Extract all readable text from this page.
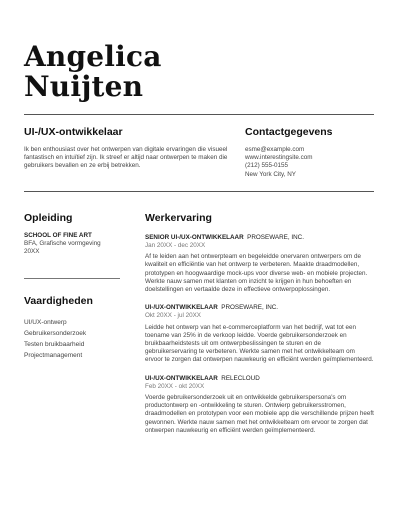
Angelica
Nuijten
UI-/UX-ontwikkelaar
Ik ben enthousiast over het ontwerpen van digitale ervaringen die visueel fantastisch en intuïtief zijn. Ik streef er altijd naar ontwerpen te maken die gebruikers bevallen en ze erbij betrekken.
Contactgegevens
esme@example.com
www.interestingsite.com
(212) 555-0155
New York City, NY
Opleiding
SCHOOL OF FINE ART
BFA, Grafische vormgeving
20XX
Vaardigheden
UI/UX-ontwerp
Gebruikersonderzoek
Testen bruikbaarheid
Projectmanagement
Werkervaring
SENIOR UI-/UX-ONTWIKKELAAR PROSEWARE, INC.
Jan 20XX - dec 20XX
Af te leiden aan het ontwerpteam en begeleidde onervaren ontwerpers om de kwaliteit en efficiëntie van het ontwerp te verbeteren. Maakte draadmodellen, prototypen en hoogwaardige mock-ups voor diverse web- en mobiele projecten. Werkte nauw samen met klanten om inzicht te krijgen in hun behoeften en doelstellingen en vertaalde deze in effectieve ontwerpoplossingen.
UI-/UX-ONTWIKKELAAR PROSEWARE, INC.
Okt 20XX - jul 20XX
Leidde het ontwerp van het e-commerceplatform van het bedrijf, wat tot een toename van 25% in de verkoop leidde. Voerde gebruikersonderzoek en bruikbaarheidstests uit om ontwerpbeslissingen te sturen en de gebruikerservaring te verbeteren. Werkte samen met het ontwikkelteam om ervoor te zorgen dat ontwerpen nauwkeurig en efficiënt werden geïmplementeerd.
UI-/UX-ONTWIKKELAAR RELECLOUD
Feb 20XX - okt 20XX
Voerde gebruikersonderzoek uit en ontwikkelde gebruikerspersona's om productontwerp en -ontwikkeling te sturen. Ontwierp gebruikersstromen, draadmodellen en prototypen voor een mobiele app die verschillende prijzen heeft gewonnen. Werkte nauw samen met het ontwikkelteam om ervoor te zorgen dat ontwerpen nauwkeurig en efficiënt werden geïmplementeerd.
